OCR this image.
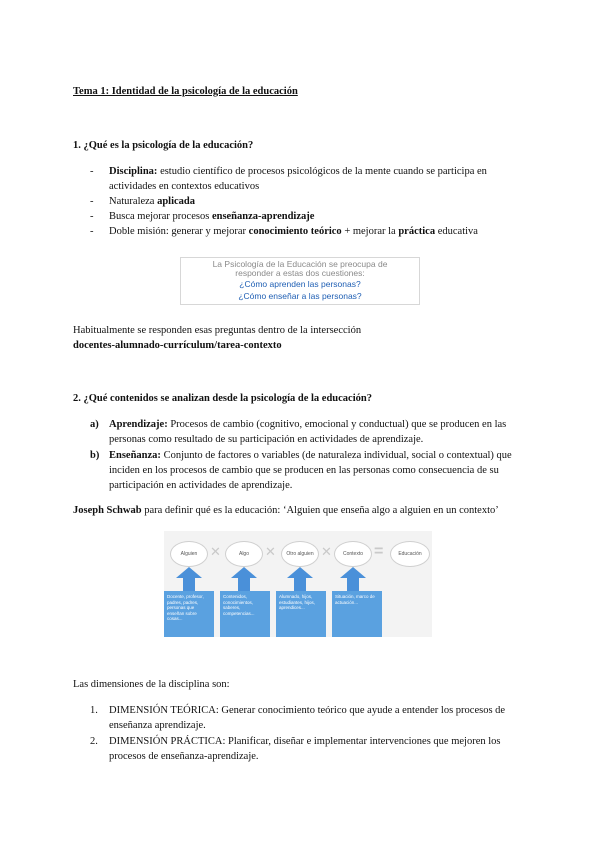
Tema 1: Identidad de la psicología de la educación
1. ¿Qué es la psicología de la educación?
- Disciplina: estudio científico de procesos psicológicos de la mente cuando se participa en actividades en contextos educativos
- Naturaleza aplicada
- Busca mejorar procesos enseñanza-aprendizaje
- Doble misión: generar y mejorar conocimiento teórico + mejorar la práctica educativa
La Psicología de la Educación se preocupa de responder a estas dos cuestiones:
¿Cómo aprenden las personas?
¿Cómo enseñar a las personas?
Habitualmente se responden esas preguntas dentro de la intersección
docentes-alumnado-currículum/tarea-contexto
2. ¿Qué contenidos se analizan desde la psicología de la educación?
a) Aprendizaje: Procesos de cambio (cognitivo, emocional y conductual) que se producen en las personas como resultado de su participación en actividades de aprendizaje.
b) Enseñanza: Conjunto de factores o variables (de naturaleza individual, social o contextual) que inciden en los procesos de cambio que se producen en las personas como consecuencia de su participación en actividades de aprendizaje.
Joseph Schwab para definir qué es la educación: ‘Alguien que enseña algo a alguien en un contexto’
Alguien ✕	Algo	✕	Otro alguien ✕	Contexto =	Educación
Docente, profesor, padres, padres, personas que enseñan sobre cosas...
Contenidos, conocimientos, saberes, competencias...
Alumnado, hijos, estudiantes, hijos, aprendices...
Situación, marco de actuación...
Las dimensiones de la disciplina son:
1. DIMENSIÓN TEÓRICA: Generar conocimiento teórico que ayude a entender los procesos de enseñanza aprendizaje.
2. DIMENSIÓN PRÁCTICA: Planificar, diseñar e implementar intervenciones que mejoren los procesos de enseñanza-aprendizaje.
